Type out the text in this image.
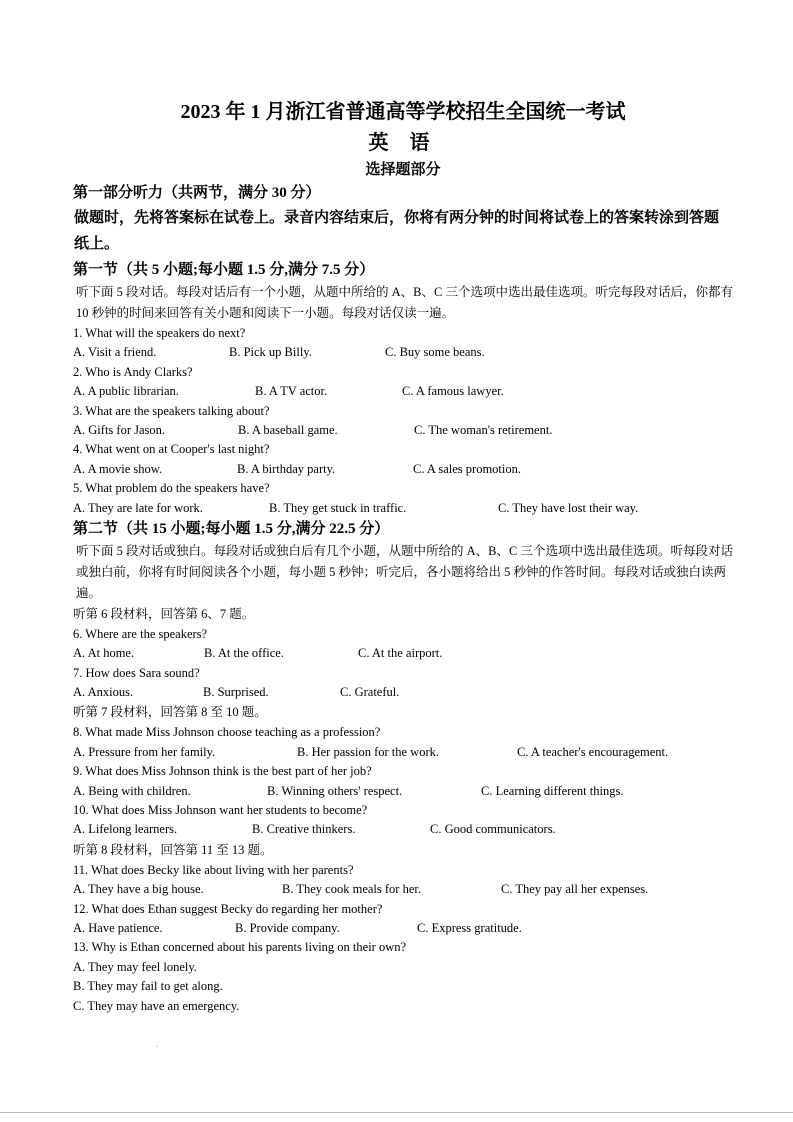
2023 年 1 月浙江省普通高等学校招生全国统一考试
英 语
选择题部分
第一部分听力（共两节，满分 30 分）
做题时，先将答案标在试卷上。录音内容结束后，你将有两分钟的时间将试卷上的答案转涂到答题纸上。
第一节（共 5 小题;每小题 1.5 分,满分 7.5 分）
听下面 5 段对话。每段对话后有一个小题，从题中所给的 A、B、C 三个选项中选出最佳选项。听完每段对话后，你都有 10 秒钟的时间来回答有关小题和阅读下一小题。每段对话仅读一遍。
1. What will the speakers do next?
A. Visit a friend.	B. Pick up Billy.	C. Buy some beans.
2. Who is Andy Clarks?
A. A public librarian.	B. A TV actor.	C. A famous lawyer.
3. What are the speakers talking about?
A. Gifts for Jason.	B. A baseball game.	C. The woman's retirement.
4. What went on at Cooper's last night?
A. A movie show.	B. A birthday party.	C. A sales promotion.
5. What problem do the speakers have?
A. They are late for work.	B. They get stuck in traffic.	C. They have lost their way.
第二节（共 15 小题;每小题 1.5 分,满分 22.5 分）
听下面 5 段对话或独白。每段对话或独白后有几个小题，从题中所给的 A、B、C 三个选项中选出最佳选项。听每段对话或独白前，你将有时间阅读各个小题，每小题 5 秒钟；听完后，各小题将给出 5 秒钟的作答时间。每段对话或独白读两遍。
听第 6 段材料，回答第 6、7 题。
6. Where are the speakers?
A. At home.	B. At the office.	C. At the airport.
7. How does Sara sound?
A. Anxious.	B. Surprised.	C. Grateful.
听第 7 段材料，回答第 8 至 10 题。
8. What made Miss Johnson choose teaching as a profession?
A. Pressure from her family.	B. Her passion for the work.	C. A teacher's encouragement.
9. What does Miss Johnson think is the best part of her job?
A. Being with children.	B. Winning others' respect.	C. Learning different things.
10. What does Miss Johnson want her students to become?
A. Lifelong learners.	B. Creative thinkers.	C. Good communicators.
听第 8 段材料，回答第 11 至 13 题。
11. What does Becky like about living with her parents?
A. They have a big house.	B. They cook meals for her.	C. They pay all her expenses.
12. What does Ethan suggest Becky do regarding her mother?
A. Have patience.	B. Provide company.	C. Express gratitude.
13. Why is Ethan concerned about his parents living on their own?
A. They may feel lonely.
B. They may fail to get along.
C. They may have an emergency.
